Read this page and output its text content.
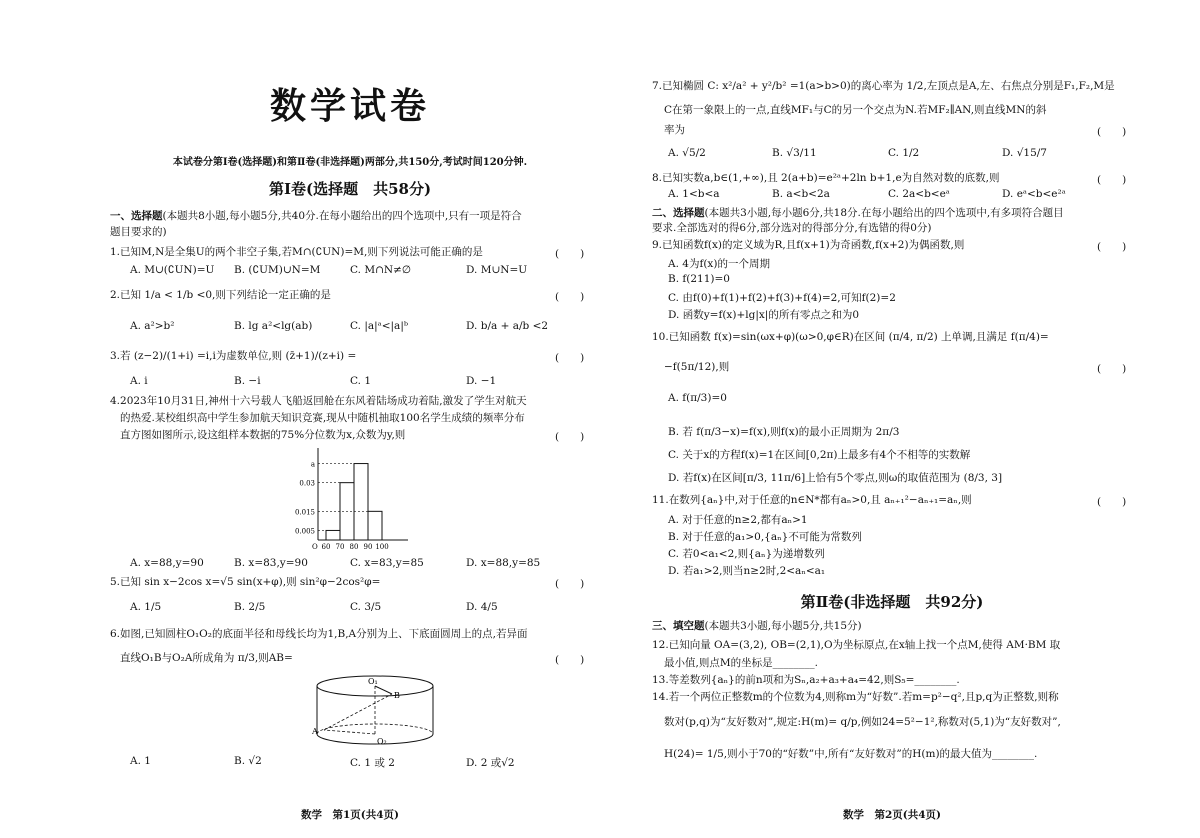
数学试卷
本试卷分第Ⅰ卷(选择题)和第Ⅱ卷(非选择题)两部分,共150分,考试时间120分钟.
第Ⅰ卷(选择题　共58分)
一、选择题(本题共8小题,每小题5分,共40分.在每小题给出的四个选项中,只有一项是符合
题目要求的)
1.已知M,N是全集U的两个非空子集,若M∩(∁UN)=M,则下列说法可能正确的是	(　　)
A. M∪(∁UN)=U B. (∁UM)∪N=M	C. M∩N≠∅	D. M∪N=U
2.已知 1/a < 1/b <0,则下列结论一定正确的是	(　　)
A. a²>b²	B. lg a²<lg(ab)	C. |a|ᵃ<|a|ᵇ	D. b/a + a/b <2
3.若 (z−2)/(1+i) =i,i为虚数单位,则 (z̄+1)/(z+i) =	(　　)
A. i	B. −i	C. 1	D. −1
4.2023年10月31日,神州十六号载人飞船返回舱在东风着陆场成功着陆,激发了学生对航天
的热爱.某校组织高中学生参加航天知识竞赛,现从中随机抽取100名学生成绩的频率分布
直方图如图所示,设这组样本数据的75%分位数为x,众数为y,则	(　　)
a
0.03
0.015
0.005
O 60 70 80 90 100
A. x=88,y=90	B. x=83,y=90	C. x=83,y=85	D. x=88,y=85
5.已知 sin x−2cos x=√5 sin(x+φ),则 sin²φ−2cos²φ=	(　　)
A. 1/5	B. 2/5	C. 3/5	D. 4/5
6.如图,已知圆柱O₁O₂的底面半径和母线长均为1,B,A分别为上、下底面圆周上的点,若异面
直线O₁B与O₂A所成角为 π/3,则AB=	(　　)
O₁
B
A
O₂
A. 1	B. √2	C. 1 或 2	D. 2 或√2
数学　第1页(共4页)
7.已知椭圆 C: x²/a² + y²/b² =1(a>b>0)的离心率为 1/2,左顶点是A,左、右焦点分别是F₁,F₂,M是
C在第一象限上的一点,直线MF₁与C的另一个交点为N.若MF₂∥AN,则直线MN的斜
率为	(　　)
A. √5/2	B. √3/11	C. 1/2	D. √15/7
8.已知实数a,b∈(1,+∞),且 2(a+b)=e²ᵃ+2ln b+1,e为自然对数的底数,则	(　　)
A. 1<b<a	B. a<b<2a	C. 2a<b<eᵃ	D. eᵃ<b<e²ᵃ
二、选择题(本题共3小题,每小题6分,共18分.在每小题给出的四个选项中,有多项符合题目
要求.全部选对的得6分,部分选对的得部分分,有选错的得0分)
9.已知函数f(x)的定义域为R,且f(x+1)为奇函数,f(x+2)为偶函数,则	(　　)
A. 4为f(x)的一个周期
B. f(211)=0
C. 由f(0)+f(1)+f(2)+f(3)+f(4)=2,可知f(2)=2
D. 函数y=f(x)+lg|x|的所有零点之和为0
10.已知函数 f(x)=sin(ωx+φ)(ω>0,φ∈R)在区间 (π/4, π/2) 上单调,且满足 f(π/4)=
−f(5π/12),则	(　　)
A. f(π/3)=0
B. 若 f(π/3−x)=f(x),则f(x)的最小正周期为 2π/3
C. 关于x的方程f(x)=1在区间[0,2π)上最多有4个不相等的实数解
D. 若f(x)在区间[π/3, 11π/6]上恰有5个零点,则ω的取值范围为 (8/3, 3]
11.在数列{aₙ}中,对于任意的n∈N*都有aₙ>0,且 aₙ₊₁²−aₙ₊₁=aₙ,则	(　　)
A. 对于任意的n≥2,都有aₙ>1
B. 对于任意的a₁>0,{aₙ}不可能为常数列
C. 若0<a₁<2,则{aₙ}为递增数列
D. 若a₁>2,则当n≥2时,2<aₙ<a₁
第Ⅱ卷(非选择题　共92分)
三、填空题(本题共3小题,每小题5分,共15分)
12.已知向量 OA=(3,2), OB=(2,1),O为坐标原点,在x轴上找一个点M,使得 AM·BM 取
最小值,则点M的坐标是________.
13.等差数列{aₙ}的前n项和为Sₙ,a₂+a₃+a₄=42,则S₅=________.
14.若一个两位正整数m的个位数为4,则称m为“好数”.若m=p²−q²,且p,q为正整数,则称
数对(p,q)为“友好数对”,规定:H(m)= q/p,例如24=5²−1²,称数对(5,1)为“友好数对”,
H(24)= 1/5,则小于70的“好数”中,所有“友好数对”的H(m)的最大值为________.
数学　第2页(共4页)
